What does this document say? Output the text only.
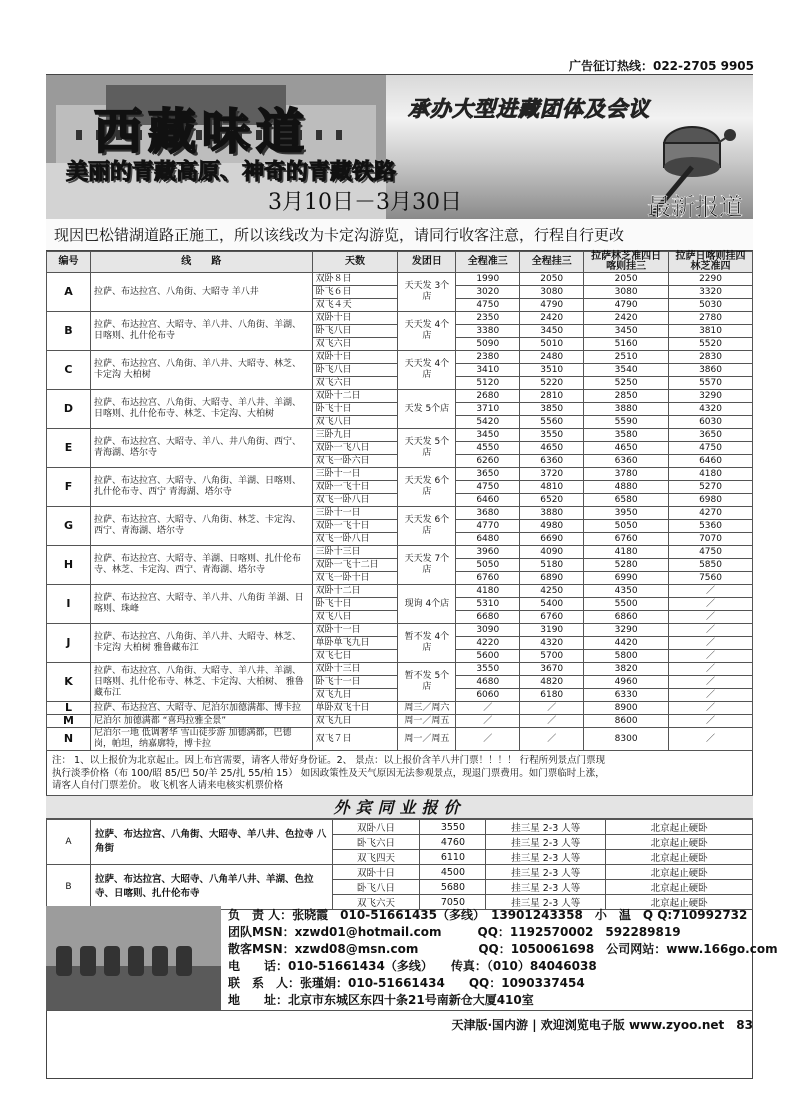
广告征订热线：022-2705 9905
西藏味道	承办大型进藏团体及会议
美丽的青藏高原、神奇的青藏铁路
3月10日－3月30日	最新报道
现因巴松错湖道路正施工，所以该线改为卡定沟游览，请同行收客注意，行程自行更改
编号	线　　路	天数	发团日	全程准三	全程挂三	拉萨林芝准四日喀则挂三	拉萨日喀则挂四林芝准四
A	拉萨、布达拉宫、八角街、大昭寺 羊八井	双卧８日	天天发 3个店	1990	2050	2050	2290
		卧飞６日		3020	3080	3080	3320
		双飞４天		4750	4790	4790	5030
B	拉萨、布达拉宫、大昭寺、羊八井、八角街、羊湖、日喀则、扎什伦布寺	双卧十日	天天发 4个店	2350	2420	2420	2780
		卧飞八日		3380	3450	3450	3810
		双飞六日		5090	5010	5160	5520
C	拉萨、布达拉宫、八角街、羊八井、大昭寺、林芝、卡定沟 大柏树	双卧十日	天天发 4个店	2380	2480	2510	2830
		卧飞八日		3410	3510	3540	3860
		双飞六日		5120	5220	5250	5570
D	拉萨、布达拉宫、八角街、大昭寺、羊八井、羊湖、日喀则、扎什伦布寺、林芝、卡定沟、大柏树	双卧十二日	天发 5个店	2680	2810	2850	3290
		卧飞十日		3710	3850	3880	4320
		双飞八日		5420	5560	5590	6030
E	拉萨、布达拉宫、大昭寺、羊八、井八角街、西宁、青海湖、塔尔寺	三卧九日	天天发 5个店	3450	3550	3580	3650
		双卧一飞八日		4550	4650	4650	4750
		双飞一卧六日		6260	6360	6360	6460
F	拉萨、布达拉宫、大昭寺、八角街、羊湖、日喀则、扎什伦布寺、西宁 青海湖、塔尔寺	三卧十一日	天天发 6个店	3650	3720	3780	4180
		双卧一飞十日		4750	4810	4880	5270
		双飞一卧八日		6460	6520	6580	6980
G	拉萨、布达拉宫、大昭寺、八角街、林芝、卡定沟、西宁、青海湖、塔尔寺	三卧十一日	天天发 6个店	3680	3880	3950	4270
		双卧一飞十日		4770	4980	5050	5360
		双飞一卧八日		6480	6690	6760	7070
H	拉萨、布达拉宫、大昭寺、羊湖、日喀则、扎什伦布寺、林芝、卡定沟、西宁、青海湖、塔尔寺	三卧十三日	天天发 7个店	3960	4090	4180	4750
		双卧一飞十二日		5050	5180	5280	5850
		双飞一卧十日		6760	6890	6990	7560
I	拉萨、布达拉宫、大昭寺、羊八井、八角街 羊湖、日喀则、珠峰	双卧十二日	现询 4个店	4180	4250	4350	／
		卧飞十日		5310	5400	5500	／
		双飞八日		6680	6760	6860	／
J	拉萨、布达拉宫、八角街、羊八井、大昭寺、林芝、卡定沟 大柏树 雅鲁藏布江	双卧十一日	暂不发 4个店	3090	3190	3290	／
		单卧单飞九日		4220	4320	4420	／
		双飞七日		5600	5700	5800	／
K	拉萨、布达拉宫、八角街、大昭寺、羊八井、羊湖、日喀则、扎什伦布寺、林芝、卡定沟、大柏树、 雅鲁藏布江	双卧十三日	暂不发 5个店	3550	3670	3820	／
		卧飞十一日		4680	4820	4960	／
		双飞九日		6060	6180	6330	／
L	拉萨、布达拉宫、大昭寺、尼泊尔加德满都、博卡拉	单卧双飞十日	周三／周六	／	／	8900	／
M	尼泊尔 加德满都 “喜玛拉雅全景”	双飞九日	周一／周五	／	／	8600	／
N	尼泊尔一地 低调奢华 雪山徒步游 加德满都，巴德岗，帕坦，纳嘉廓特，博卡拉	双飞７日	周一／周五	／	／	8300	／
注： 1、以上报价为北京起止。因上布宫需要，请客人带好身份证。2、 景点：以上报价含羊八井门票！！！！ 行程所列景点门票现
执行淡季价格（布 100/昭 85/巴 50/羊 25/扎 55/柏 15） 如因政策性及天气原因无法参观景点，现退门票费用。如门票临时上涨，
请客人自付门票差价。 收飞机客人请来电核实机票价格
外宾同业报价
A	拉萨、布达拉宫、八角街、大昭寺、羊八井、色拉寺 八角街	双卧八日	3550	挂三星 2-3 人等	北京起止硬卧
		卧飞六日	4760	挂三星 2-3 人等	北京起止硬卧
		双飞四天	6110	挂三星 2-3 人等	北京起止硬卧
B	拉萨、布达拉宫、大昭寺、八角羊八井、羊湖、色拉寺、日喀则、扎什伦布寺	双卧十日	4500	挂三星 2-3 人等	北京起止硬卧
		卧飞八日	5680	挂三星 2-3 人等	北京起止硬卧
		双飞六天	7050	挂三星 2-3 人等	北京起止硬卧
负　责 人：张晓霞　010-51661435（多线）　13901243358　小　温　Q Q:710992732
团队MSN：xzwd01@hotmail.com　　　QQ：1192570002　592289819
散客MSN：xzwd08@msn.com　　　　　QQ：1050061698　公司网站：www.166go.com
电　　话：010-51661434（多线）　　传真：（010）84046038
联　系　人：张瑾娟：010-51661434　　QQ：1090337454
地　　址：北京市东城区东四十条21号南新仓大厦410室
天津版·国内游 | 欢迎浏览电子版 www.zyoo.net　83
